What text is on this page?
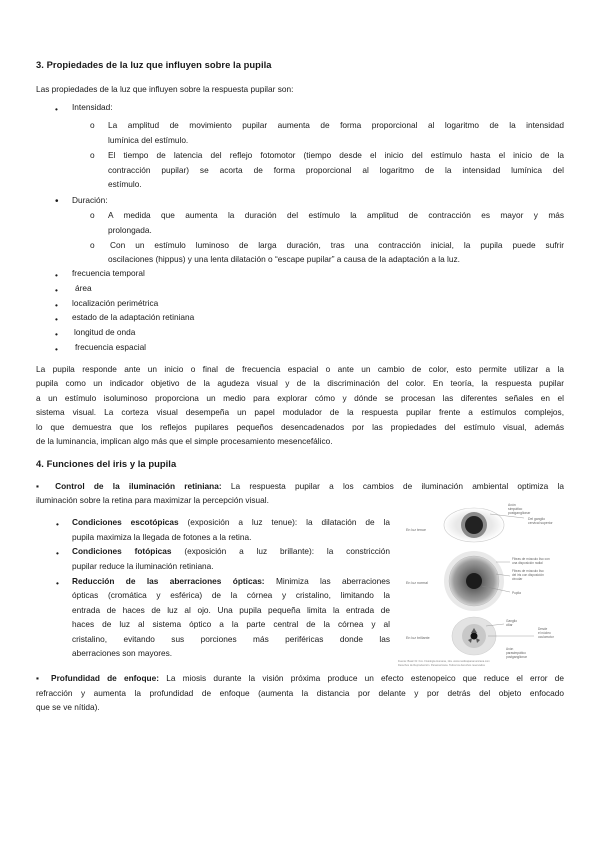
3. Propiedades de la luz que influyen sobre la pupila
Las propiedades de la luz que influyen sobre la respuesta pupilar son:
• Intensidad:
o La amplitud de movimiento pupilar aumenta de forma proporcional al logaritmo de la intensidad
lumínica del estímulo.
o El tiempo de latencia del reflejo fotomotor (tiempo desde el inicio del estímulo hasta el inicio de la
contracción pupilar) se acorta de forma proporcional al logaritmo de la intensidad lumínica del
estímulo.
• Duración:
o A medida que aumenta la duración del estímulo la amplitud de contracción es mayor y más
prolongada.
o Con un estímulo luminoso de larga duración, tras una contracción inicial, la pupila puede sufrir
oscilaciones (hippus) y una lenta dilatación o “escape pupilar” a causa de la adaptación a la luz.
• frecuencia temporal
• área
• localización perimétrica
• estado de la adaptación retiniana
• longitud de onda
• frecuencia espacial
La pupila responde ante un inicio o final de frecuencia espacial o ante un cambio de color, esto permite utilizar a la
pupila como un indicador objetivo de la agudeza visual y de la discriminación del color. En teoría, la respuesta pupilar
a un estímulo isoluminoso proporciona un medio para explorar cómo y dónde se procesan las diferentes señales en el
sistema visual. La corteza visual desempeña un papel modulador de la respuesta pupilar frente a estímulos complejos,
lo que demuestra que los reflejos pupilares pequeños desencadenados por las propiedades del estímulo visual, además
de la luminancia, implican algo más que el simple procesamiento mesencefálico.
4. Funciones del iris y la pupila
▪ Control de la iluminación retiniana: La respuesta pupilar a los cambios de iluminación ambiental optimiza la
iluminación sobre la retina para maximizar la percepción visual.
• Condiciones escotópicas (exposición a luz tenue): la dilatación de la
pupila maximiza la llegada de fotones a la retina.
• Condiciones fotópicas (exposición a luz brillante): la constricción
pupilar reduce la iluminación retiniana.
• Reducción de las aberraciones ópticas: Minimiza las aberraciones
ópticas (cromática y esférica) de la córnea y cristalino, limitando la
entrada de haces de luz al ojo. Una pupila pequeña limita la entrada de
haces de luz al sistema óptico a la parte central de la córnea y al
cristalino, evitando sus porciones más periféricas donde las
aberraciones son mayores.
▪ Profundidad de enfoque: La miosis durante la visión próxima produce un efecto estenopeico que reduce el error de
refracción y aumenta la profundidad de enfoque (aumenta la distancia por delante y por detrás del objeto enfocado
que se ve nítida).
En luz tenue
Axón
simpático
postganglionar
Del ganglio
cervical superior
En luz normal
Fibras de músculo liso con
una disposición radial
Fibras de músculo liso
del iris con disposición
circular
Pupila
En luz brillante
Ganglio
ciliar
Desde
el núcleo
oculomotor
Axón
parasimpático
postganglionar
Fuente: Basic Dr. Fox. Fisiología Humana, 12a. www.medicapanamericana.com
Derechos de Reproducción. Panamericana. Todos los derechos reservados
